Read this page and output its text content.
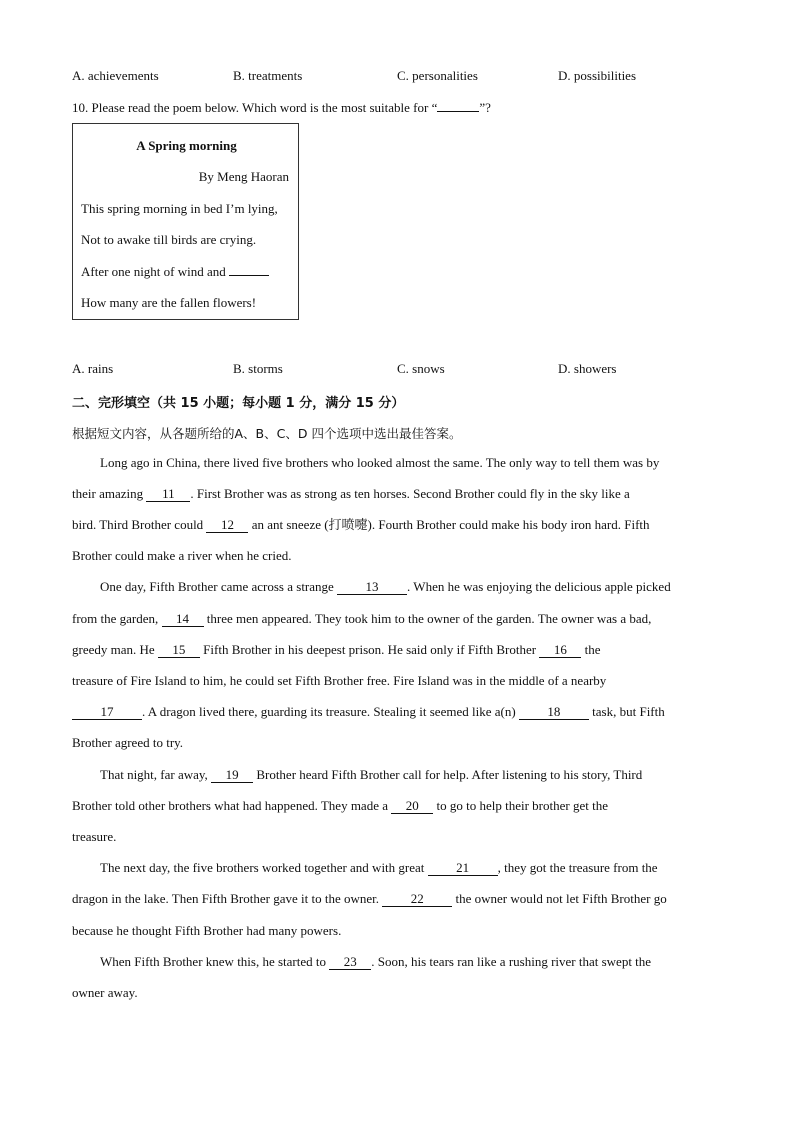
A. achievements	B. treatments	C. personalities	D. possibilities
10. Please read the poem below. Which word is the most suitable for “	”?
A Spring morning
By Meng Haoran
This spring morning in bed I’m lying,
Not to awake till birds are crying.
After one night of wind and
How many are the fallen flowers!
A. rains	B. storms	C. snows	D. showers
二、完形填空（共 15 小题；每小题 1 分，满分 15 分）
根据短文内容，从各题所给的A、B、C、D 四个选项中选出最佳答案。
Long ago in China, there lived five brothers who looked almost the same. The only way to tell them was by
their amazing 11 . First Brother was as strong as ten horses. Second Brother could fly in the sky like a
bird. Third Brother could 12 an ant sneeze (打喷嚏). Fourth Brother could make his body iron hard. Fifth
Brother could make a river when he cried.
One day, Fifth Brother came across a strange 13 . When he was enjoying the delicious apple picked
from the garden, 14 three men appeared. They took him to the owner of the garden. The owner was a bad,
greedy man. He 15 Fifth Brother in his deepest prison. He said only if Fifth Brother 16 the
treasure of Fire Island to him, he could set Fifth Brother free. Fire Island was in the middle of a nearby
17 . A dragon lived there, guarding its treasure. Stealing it seemed like a(n) 18 task, but Fifth
Brother agreed to try.
That night, far away, 19 Brother heard Fifth Brother call for help. After listening to his story, Third
Brother told other brothers what had happened. They made a 20 to go to help their brother get the
treasure.
The next day, the five brothers worked together and with great 21 , they got the treasure from the
dragon in the lake. Then Fifth Brother gave it to the owner. 22 the owner would not let Fifth Brother go
because he thought Fifth Brother had many powers.
When Fifth Brother knew this, he started to 23 . Soon, his tears ran like a rushing river that swept the
owner away.
